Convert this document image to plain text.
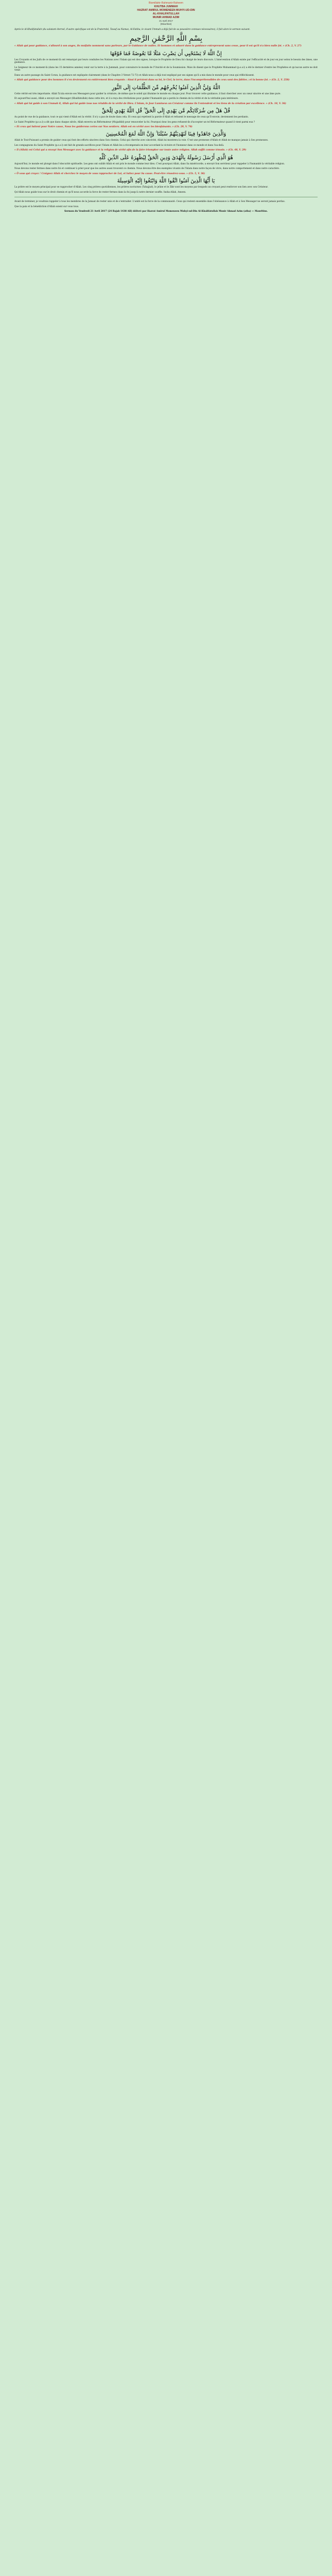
Bismillahir-Rahmanir-Raheem
KHUTBA JUMMAH
HAZRAT AMIRUL MOMENEEN MUHYI-UD-DIN
AL-KHALIFATULLAH
MUNIR AHMAD AZIM
21 April 2017
(Mauritius)
Après le Al-Khalifatullah (du salutant éternel, d'autre spécifique est de la Fraternité, Tawaf au Namaz, Al-Fatiha, le vivant Ummah a déjà fait de sa poussière connues nécessaires), il fait alors le sermon suivant.
بِسْمِ اللَّهِ الرَّحْمَٰنِ الرَّحِيمِ
« Allah qui pour guidance, s'allourd à son anges, ils mulfaits nomment sans parleurs, par le Guidance de nulles. Et hommes et adaoré dans la guidance entreprenent sans cesse, pour il est qu'il n'a bien nulle foi. » (Ch. 2, V. 27)
إِنَّ اللَّهَ لَا يَسْتَحْيِي أَن يَضْرِبَ مَثَلًا مَّا بَعُوضَةً فَمَا فَوْقَهَا
Les Croyants et les Juifs de ce moment-là ont remarqué par leurs conduites les Nations avec l'Islam qui est des signes, lorsque le Prophète de Dieu fut chargé de leurs discours. L'intervention d'Allah existe par l'efficacité et de jour en jour selon le besoin des âmes, une guidance.
Le Seigneur de ce moment-là (dans les 15 dernières années) venir sur la terre à la Jummah, pour convaincre le monde de l'Unicité et de la Soumission. Mais ils disent que le Prophète Muhammad (p.s.s.l) a été le dernier d'entre les Prophètes et qu'aucun autre ne doit venir.
Dans un autre passage du Saint Coran, la guidance est expliquée clairement (dans le Chapitre 3 Verset 72-73) et Allah nous a déjà tout expliqué par ses signes qu'il a mis dans le monde pour ceux qui réfléchissent.
« Allah qui guidance pour des hommes il s'en deviennent en entièrement bien croyants : Ainsi il prévient dans sa loi, le Ciel, la terre, dans l'incompréhensibles de ceux sont des fidèles ; et la bonne foi. » (Ch. 2, V. 258)
اللَّهُ وَلِيُّ الَّذِينَ آمَنُوا يُخْرِجُهُم مِّنَ الظُّلُمَاتِ إِلَى النُّورِ
Cette vérité est très importante. Allah Ta'ala envoie ses Messagers pour guider la créature, de même que le soleil qui illumine le monde en chaque jour. Pour trouver cette guidance, il faut chercher avec un cœur sincère et une âme pure.
Et aujourd'hui aussi, Allah a envoyé son Messager (Khalifatullah) dans cette ère, et il a reçu des révélations pour guider l'humanité qui a perdu le chemin de la vérité et de la véritable paix intérieure.
« Allah qui lui guide à son Ummah il, Allah qui lui guide tous nos rétablis de la vérité de Dieu. L'Islam, le Jour Lumineux un Créateur comme ils l'entendent et les tiens de la création par excellence. » (Ch. 10, V. 36)
قُلْ هَلْ مِن شُرَكَائِكُم مَّن يَهْدِي إِلَى الْحَقِّ ۚ قُلِ اللَّهُ يَهْدِي لِلْحَقِّ
Au point de vue de la guidance, tout ce qui vient d'Allah est la vérité. Il n'y a pas de doute dans cela. Et ceux qui rejettent la parole d'Allah et refusent le message de ceux qu'Il envoie, deviennent les perdants.
Le Saint Prophète (p.s.s.l) a dit que dans chaque siècle, Allah enverra un Réformateur (Mujaddid) pour renouveler la foi. Pourquoi donc les gens refusent-ils d'accepter un tel Réformateur quand il vient parmi eux ?
« Et ceux qui luttent pour Notre cause, Nous les guiderons certes sur Nos sentiers. Allah est en vérité avec les bienfaisants. » (Ch. 29, V. 70)
وَالَّذِينَ جَاهَدُوا فِينَا لَنَهْدِيَنَّهُمْ سُبُلَنَا ۚ وَإِنَّ اللَّهَ لَمَعَ الْمُحْسِنِينَ
Allah le Tout-Puissant a promis de guider ceux qui font des efforts sincères dans Son chemin. Celui qui cherche avec sincérité, Allah lui montrera la voie. C'est une promesse d'Allah et Allah ne manque jamais à Ses promesses.
Les compagnons du Saint Prophète (p.s.s.l) ont fait de grands sacrifices pour l'Islam et Allah les a récompensés en leur accordant la victoire et l'honneur dans ce monde et dans l'au-delà.
« Il (Allah) est Celui qui a envoyé Son Messager avec la guidance et la religion de vérité afin de la faire triompher sur toute autre religion. Allah suffit comme témoin. » (Ch. 48, V. 29)
هُوَ الَّذِي أَرْسَلَ رَسُولَهُ بِالْهُدَىٰ وَدِينِ الْحَقِّ لِيُظْهِرَهُ عَلَى الدِّينِ كُلِّهِ
Aujourd'hui, le monde est plongé dans l'obscurité spirituelle. Les gens ont oublié Allah et ont pris le monde comme leur dieu. C'est pourquoi Allah, dans Sa miséricorde, a envoyé Son serviteur pour rappeler à l'humanité la véritable religion.
Nous devons rester fermes dans notre foi et continuer à prier pour que les autres aussi trouvent ce chemin. Nous devons être des exemples vivants de l'Islam dans notre façon de vivre, dans notre comportement et dans notre caractère.
« Ô vous qui croyez ! Craignez Allah et cherchez le moyen de vous rapprocher de Lui, et luttez pour Sa cause. Peut-être réussirez-vous. » (Ch. 5, V. 36)
يَا أَيُّهَا الَّذِينَ آمَنُوا اتَّقُوا اللَّهَ وَابْتَغُوا إِلَيْهِ الْوَسِيلَةَ
La prière est le moyen principal pour se rapprocher d'Allah. Les cinq prières quotidiennes, les prières nocturnes (Tahajjud), le jeûne et le Zikr sont les moyens par lesquels un croyant peut renforcer son lien avec son Créateur.
Qu'Allah nous guide tous sur le droit chemin et qu'Il nous accorde la force de rester fermes dans la foi jusqu'à notre dernier souffle. Insha-Allah, Ameen.
Avant de terminer, je voudrais rappeler à tous les membres de la Jamaat de rester unis et de s'entraider. L'unité est la force de la communauté. Ceux qui restent ensemble dans l'obéissance à Allah et à Son Messager ne seront jamais perdus.
Que la paix et la bénédiction d'Allah soient sur vous tous.
Sermon du Vendredi 21 Avril 2017 (24 Rajab 1438 AH) délivré par Hazrat Amirul Momeneen Muhyi-ud-Din Al-Khalifatullah Munir Ahmad Azim (atba) — Mauritius.
